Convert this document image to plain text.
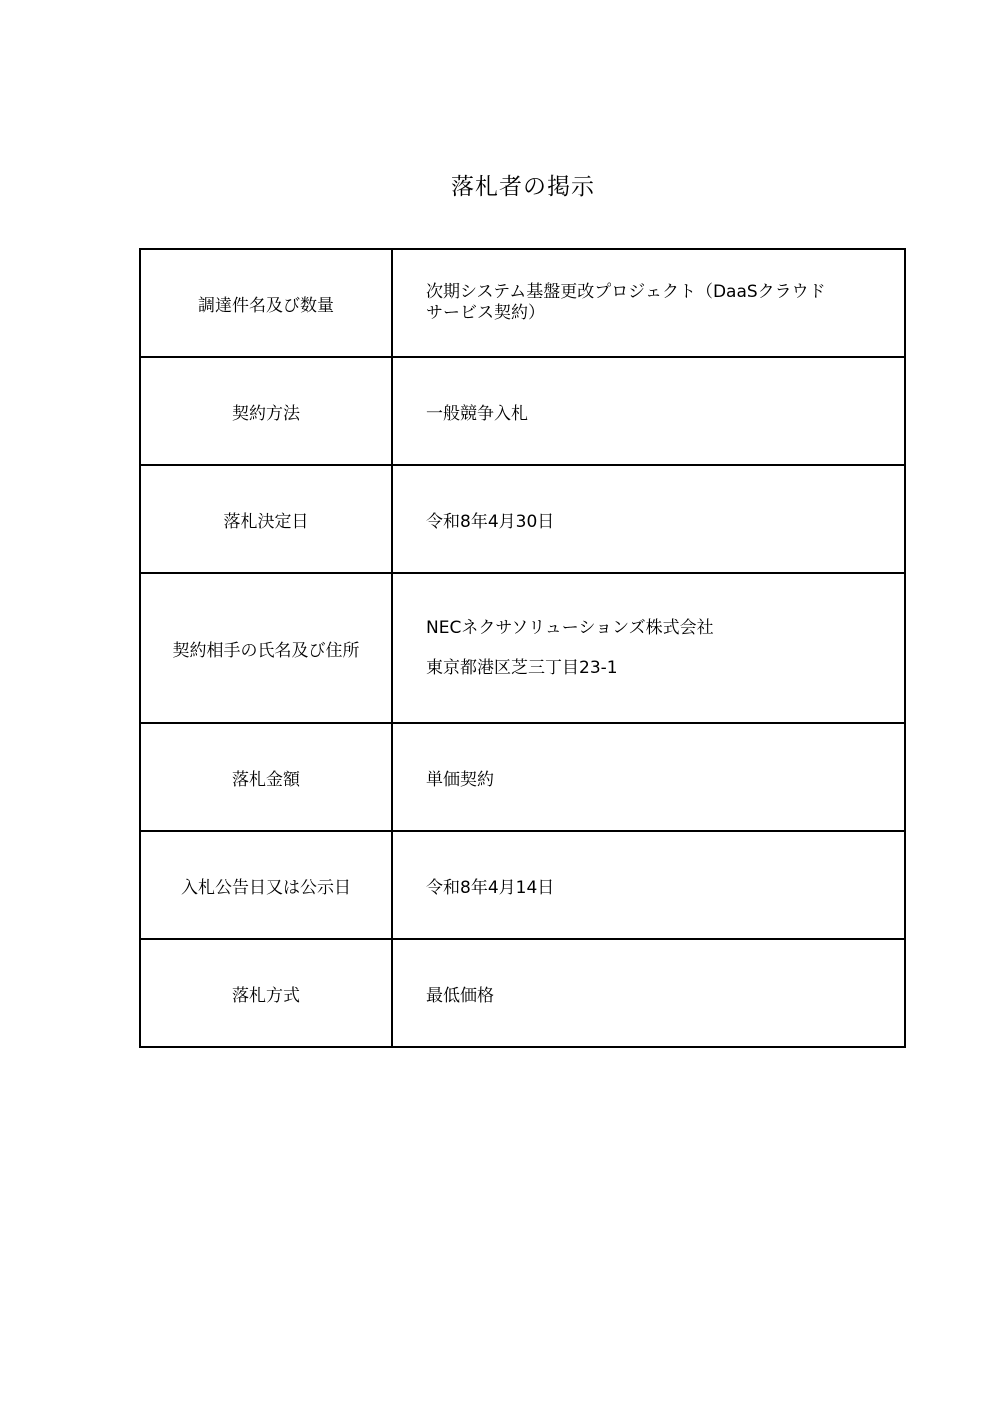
落札者の掲示
調達件名及び数量	次期システム基盤更改プロジェクト（DaaSクラウドサービス契約）

契約方法	一般競争入札
落札決定日	令和8年4月30日
契約相手の氏名及び住所	NECネクサソリューションズ株式会社
東京都港区芝三丁目23-1

落札金額	単価契約
入札公告日又は公示日	令和8年4月14日
落札方式	最低価格
